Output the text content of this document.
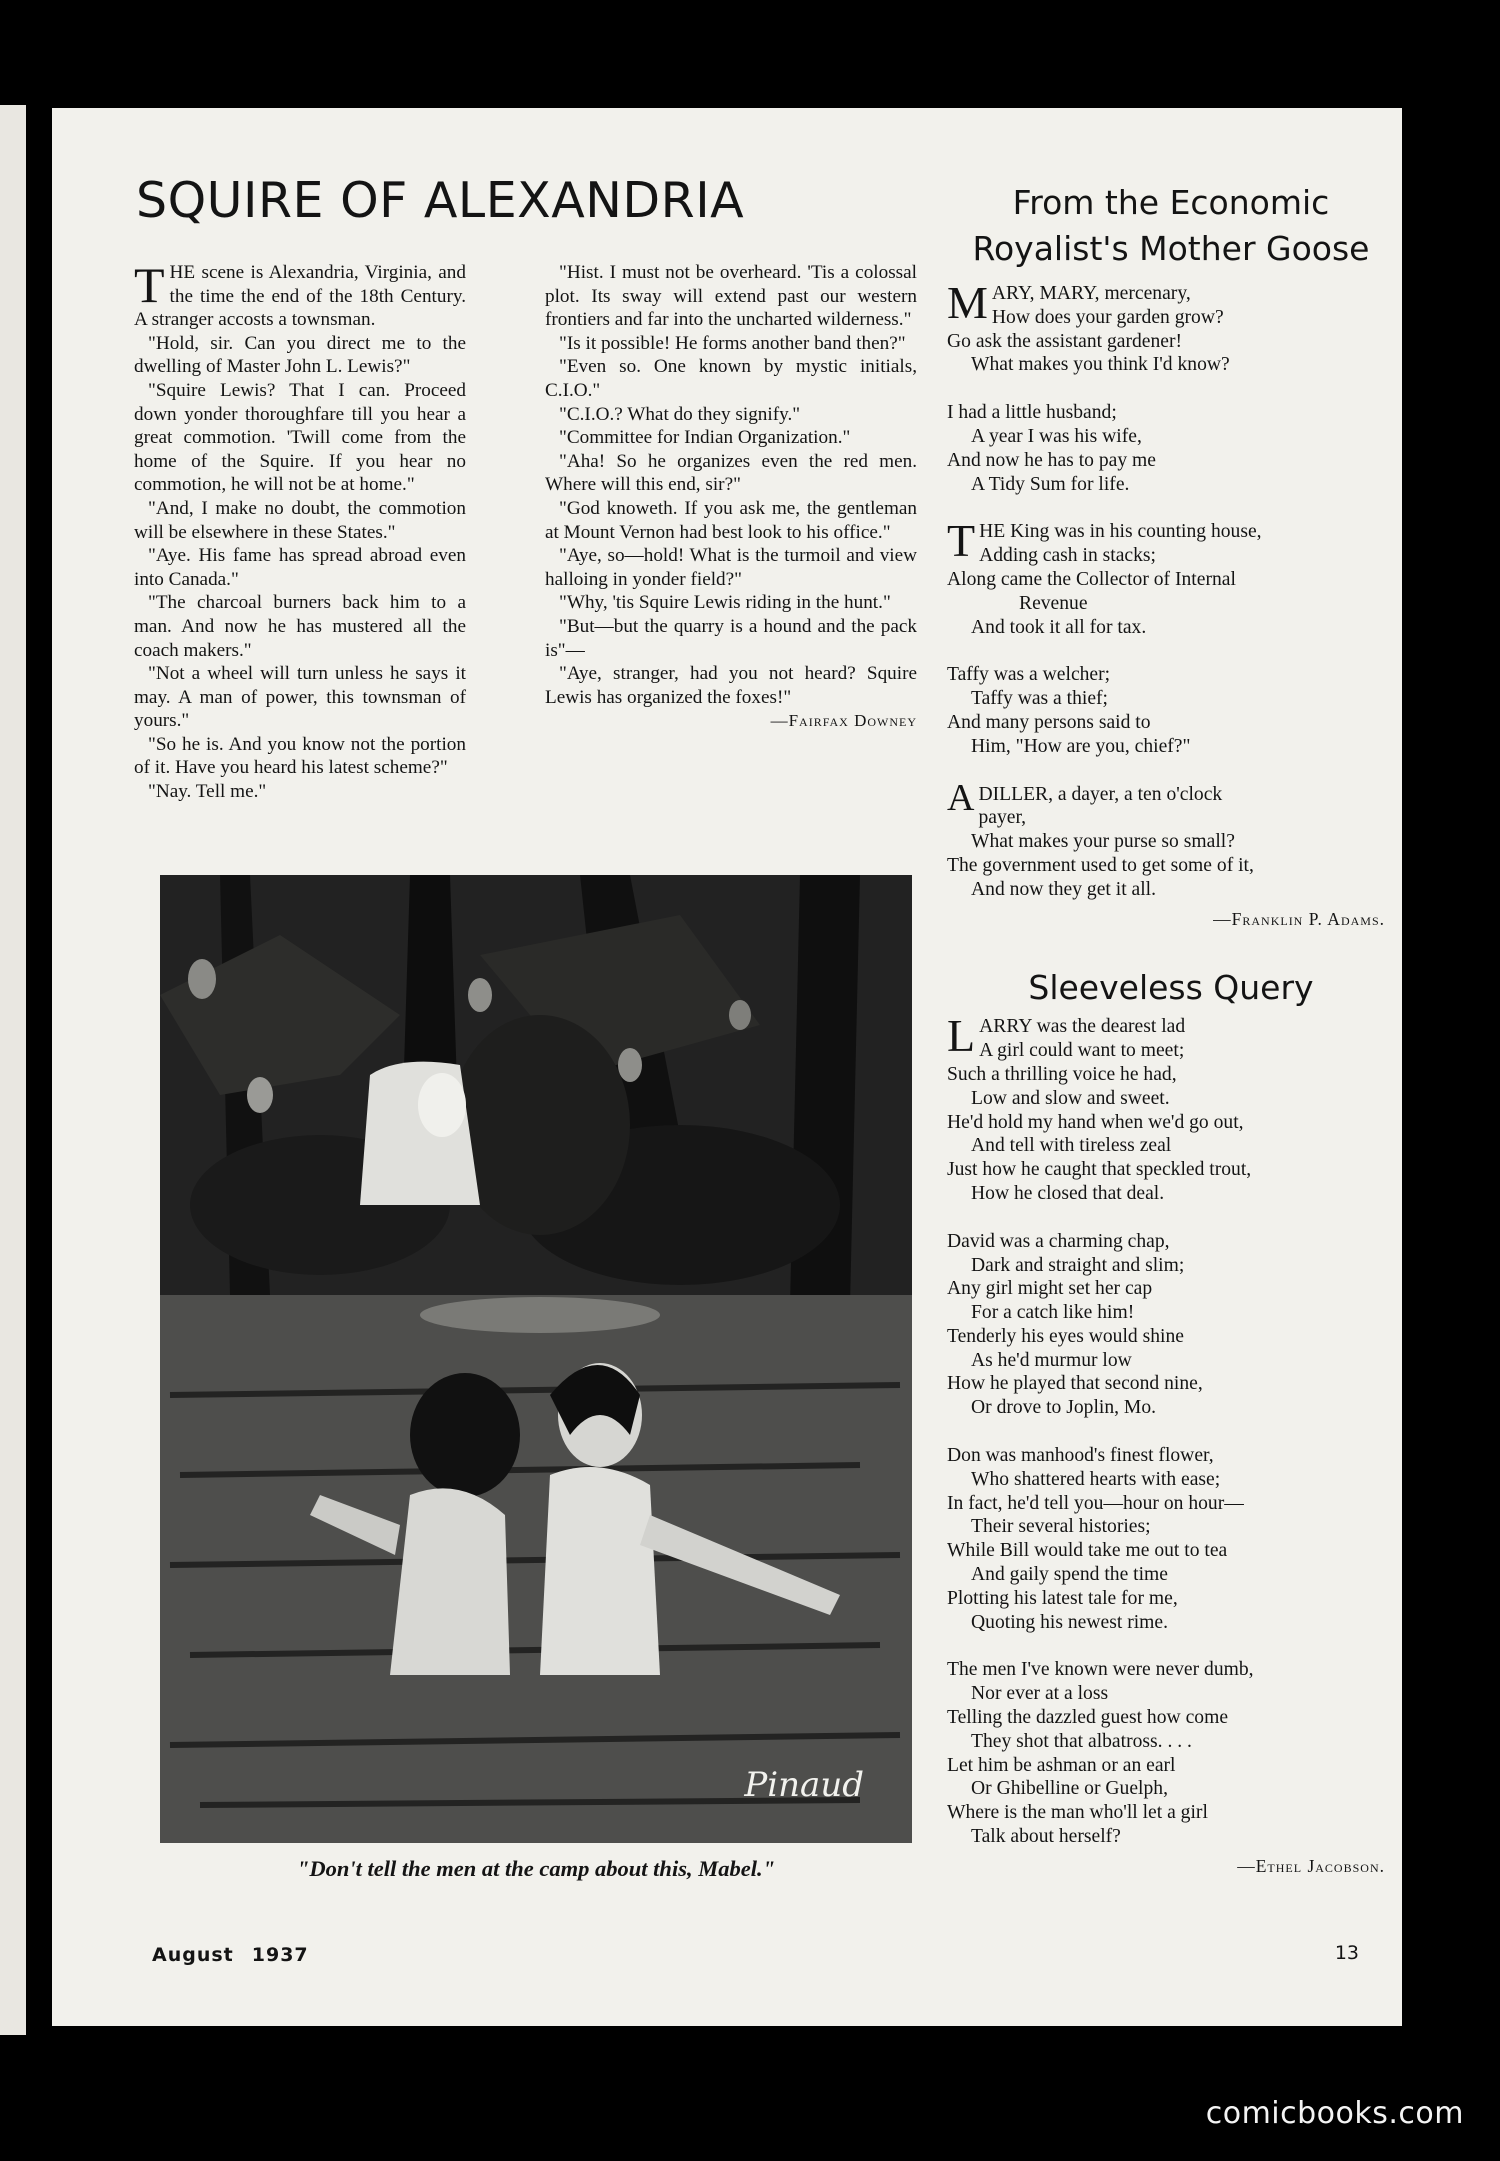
SQUIRE OF ALEXANDRIA

THE scene is Alexandria, Virginia, and the time the end of the 18th Century. A stranger accosts a townsman.

"Hold, sir. Can you direct me to the dwelling of Master John L. Lewis?"

"Squire Lewis? That I can. Proceed down yonder thoroughfare till you hear a great commotion. 'Twill come from the home of the Squire. If you hear no commotion, he will not be at home."

"And, I make no doubt, the commotion will be elsewhere in these States."

"Aye. His fame has spread abroad even into Canada."

"The charcoal burners back him to a man. And now he has mustered all the coach makers."

"Not a wheel will turn unless he says it may. A man of power, this townsman of yours."

"So he is. And you know not the portion of it. Have you heard his latest scheme?"

"Nay. Tell me."

"Hist. I must not be overheard. 'Tis a colossal plot. Its sway will extend past our western frontiers and far into the uncharted wilderness."

"Is it possible! He forms another band then?"

"Even so. One known by mystic initials, C.I.O."

"C.I.O.? What do they signify."

"Committee for Indian Organization."

"Aha! So he organizes even the red men. Where will this end, sir?"

"God knoweth. If you ask me, the gentleman at Mount Vernon had best look to his office."

"Aye, so—hold! What is the turmoil and view halloing in yonder field?"

"Why, 'tis Squire Lewis riding in the hunt."

"But—but the quarry is a hound and the pack is"—

"Aye, stranger, had you not heard? Squire Lewis has organized the foxes!"

—Fairfax Downey
From the Economic
Royalist's Mother Goose
M ARY, MARY, mercenary,
How does your garden grow?
Go ask the assistant gardener!
What makes you think I'd know?
I had a little husband;
A year I was his wife,
And now he has to pay me
A Tidy Sum for life.
T HE King was in his counting house,
Adding cash in stacks;
Along came the Collector of Internal
Revenue
And took it all for tax.
Taffy was a welcher;
Taffy was a thief;
And many persons said to
Him, "How are you, chief?"
ADILLER, a dayer, a ten o'clock
payer,
What makes your purse so small?
The government used to get some of it,
And now they get it all.
—Franklin P. Adams.
Sleeveless Query
L ARRY was the dearest lad
A girl could want to meet;
Such a thrilling voice he had,
Low and slow and sweet.
He'd hold my hand when we'd go out,
And tell with tireless zeal
Just how he caught that speckled trout,
How he closed that deal.
David was a charming chap,
Dark and straight and slim;
Any girl might set her cap
For a catch like him!
Tenderly his eyes would shine
As he'd murmur low
How he played that second nine,
Or drove to Joplin, Mo.
Don was manhood's finest flower,
Who shattered hearts with ease;
In fact, he'd tell you—hour on hour—
Their several histories;
While Bill would take me out to tea
And gaily spend the time
Plotting his latest tale for me,
Quoting his newest rime.
The men I've known were never dumb,
Nor ever at a loss
Telling the dazzled guest how come
They shot that albatross. . . .
Let him be ashman or an earl
Or Ghibelline or Guelph,
Where is the man who'll let a girl
Talk about herself?
—Ethel Jacobson.
Pinaud
"Don't tell the men at the camp about this, Mabel."
August 1937	13
comicbooks.com
